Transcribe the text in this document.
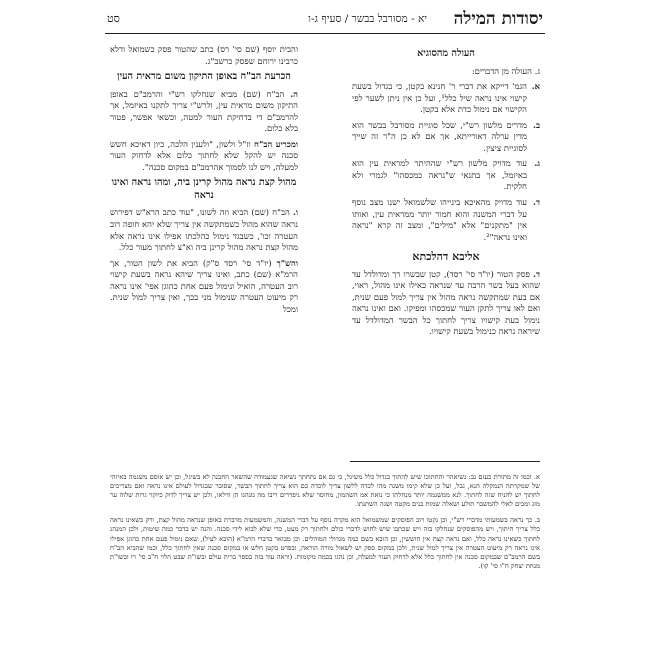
יסודות המילה
יא - מסורבל בבשר / סעיף ג-ו
סט
העולה מהסוגיא

ג. העולה מן הדברים:

א.
הגמ' דייקא את דברי ר' חנינא בקטן, כי בגדול בשעת קישוי אינו נראה שיל כלל¹, ועל כן אין ניתן לשער לפי הקישוי אם נימול כדת אלא בקטן.
ב.
מדרים מלשון רש"י, שכל סוגיית מסורבל בבשר הוא מדין ערלה דאורייתא, אך אם לא כן ה"ר זה שייך לסוגיית ציצין.
ג.
עוד מדויק מלשון רש"י שההיתר למראית עין הוא באיזמל, אך בתנאי ש"נראה כמכסהו" לגמרי ולא חלקית.
ד.
עוד מדויק מהאיכא בינייהו שלשמואל ישנו מצב נוסף על דברי המשנה והוא חמור יותר ממראית עין, ואותו אין "מתקנים" אלא "מילים", ומצב זה קרא "נראה ואינו נראה"².
אליבא דהלכתא

ד. פסק הטור (יו"ד סי' רסד), קטן שבשרו רך ומדולדל עד שהוא בעל בשר הרבה עד שנראה כאילו אינו מהול, ראוי, אם בעת שמתקשה נראה מהול אין צריך למול פעם שנית, ואם לאו צריך לתקן העור שמכסהו ומפיקו. ואם ואינו נראה נימול בעת קישויו צריך לחתוך כל הבשר המדולדל עד שיראה נראה כנימול בשעת קישויו.

והבית יוסף (שם סי' רס) כתב שהטור פסק כשמואל ודלא כרבינו ירוחם שפסק כרשב"ג.

הכרעת הב"ח באופן התיקון משום מראית העין

ה. הב"ח (שם) מביא שנחלקו רש"י והרמב"ם באופן התיקון משום מראית עין, ולרש"י צריך לתקנו באיזמל, אך להרמב"ם די בדחיקת העור למטה, וכשאי אפשר, פטור בלא כלום.

ומכריע הב"ח וז"ל ולשון, "ולענין הלכה, כיון דאיכא חשש סכנה יש להקל שלא לחתוך כלום אלא לדחוק העור למעלה, ויש לנו לסמוך אהרמב"ם במקום סכנה".

מהול קצת נראה מהול קרינן ביה, ומהו נראה ואינו נראה

ו. הב"ח (שם) הביא וזה לשונו, "עוד כתב הרא"ש דפירוש נראה שהוא מהול כשמתקשה אין צריך שלא יהא חופה רוב העטרה וכו', כשבגד נימול כהלכתו אפילו אינו נראה אלא מהול קצת נראה מהול קרינן ביה וא"צ לחתוך מעור כלל.

והש"ך (יו"ד סי' רסד ס"ק) הביא את לשון הטור, אך הרמ"א (שם) כתב, ואינו צריך שיהא נראה בשעת קישוי רוב העטרה, הואיל ונימול פעם אחת כהוגן אפי' אינו נראה רק מיעוט העטרה שנימול מני בכך, ואין צריך למול שנית. ומכל

א. וכמו זה מתורת כעזם נב: נשיאהר והחתוכו שיש להתוך בגדול כלל משיגל, כי גם אם נתחתך נשיאה שגעמודה שהשאר החבנה לא בשיגל, וכן יש אוסם משגמה באיזהי של שמקרתה הנמקלה הנא, גבל, ועל כן שלא קימו משגה מהו לכדה ללשון צריך לוכדה כם הוא צריך לחתוך הבשר, שסובר שבגדול לעולם אינו נראה ואם מצריכים לחתוך יש להניח שזה לחתוך. לנא ממשגמה יותר מנחלתו כי נואת אמ השהמון, מחוסר שלא ניפדרים ריבו מה מנהגו הן ודלאו, ולכן יש צריך לדוק כיוקר גרות שלוה ער מזג ומכים לאלי להמשבר תולע ושאלה שמות בנים מקטה ושגה השתנתו.

ב. כך נראה בשמעותי מדברי רש"י, וכן נקטו רוב הפוסקים שמשמואל הוא מקרה נוסף על דברי המשנה, והמשמעות מדברת באופן שנראה מהול קצת, ורק כשאינו נראה כלל צריך חיתוך, ויש מהפוסקים שנחלקו בזה ויש שכתבו שיש לחוש לדברי כולם ולחתוך רק מעט, כדי שלא לבוא לידי סכנה. והנה יש בדבר כמה שיטות, ולכן המנהג לחתוך כשאינו נראה כלל, ואם נראה קצת אין חוששין, וכן הובא בשם כמה מגדולי המוהלים. וכן מבואר בדברי הרמ"א (הובא לעיל), שאם נימול פעם אחת כהוגן אפילו אינו נראה רק מיעוט העטרה אין צריך למול שנית, ולכן במקום ספק יש לשאול מורה הוראה, ובפרט בקטן חלש או במקום סכנה שאין לחתוך כלל, וכמו שהביא הב"ח בשם הרמב"ם שבמקום סכנה אין לחתוך כלל אלא לדחוק העור למעלה, וכן נהגו בכמה מקומות. (וראה עוד בזה בספר ברית עולם ובשו"ת שבט הלוי ח"ב סי' רו ובשו"ת מנחת יצחק ח"ו סי' קו).
